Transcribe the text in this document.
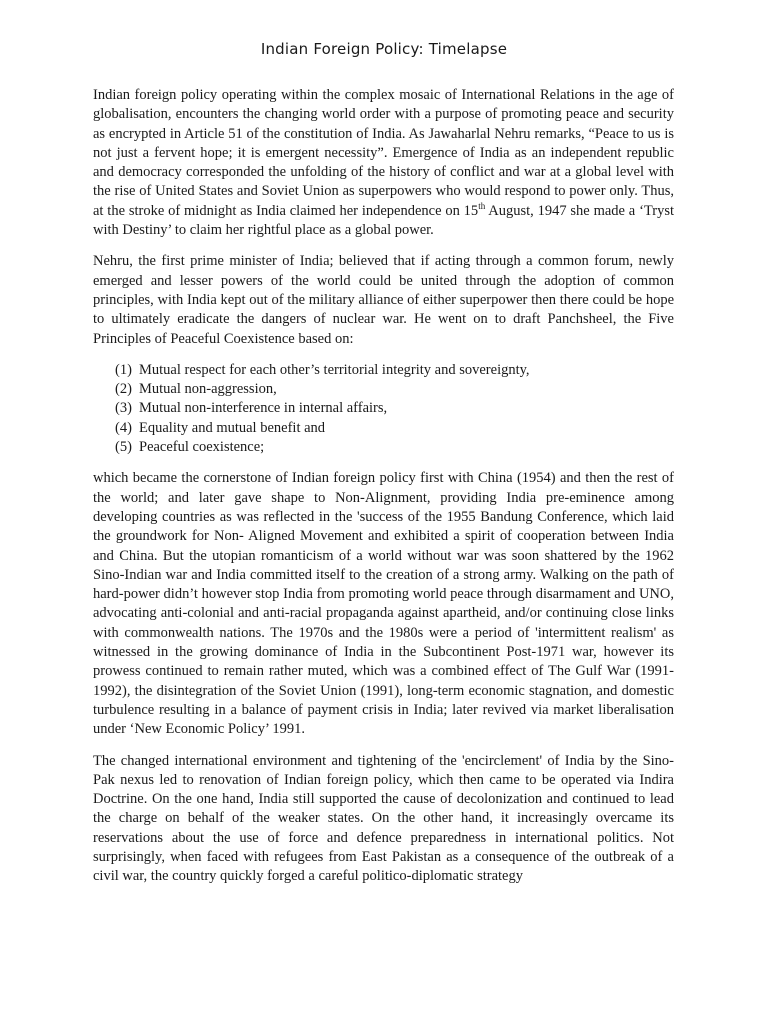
Indian Foreign Policy: Timelapse

Indian foreign policy operating within the complex mosaic of International Relations in the age of globalisation, encounters the changing world order with a purpose of promoting peace and security as encrypted in Article 51 of the constitution of India. As Jawaharlal Nehru remarks, “Peace to us is not just a fervent hope; it is emergent necessity”. Emergence of India as an independent republic and democracy corresponded the unfolding of the history of conflict and war at a global level with the rise of United States and Soviet Union as superpowers who would respond to power only. Thus, at the stroke of midnight as India claimed her independence on 15th August, 1947 she made a ‘Tryst with Destiny’ to claim her rightful place as a global power.

Nehru, the first prime minister of India; believed that if acting through a common forum, newly emerged and lesser powers of the world could be united through the adoption of common principles, with India kept out of the military alliance of either superpower then there could be hope to ultimately eradicate the dangers of nuclear war. He went on to draft Panchsheel, the Five Principles of Peaceful Coexistence based on:

(1) Mutual respect for each other’s territorial integrity and sovereignty,
(2) Mutual non-aggression,
(3) Mutual non-interference in internal affairs,
(4) Equality and mutual benefit and
(5) Peaceful coexistence;

which became the cornerstone of Indian foreign policy first with China (1954) and then the rest of the world; and later gave shape to Non-Alignment, providing India pre-eminence among developing countries as was reflected in the 'success of the 1955 Bandung Conference, which laid the groundwork for Non- Aligned Movement and exhibited a spirit of cooperation between India and China. But the utopian romanticism of a world without war was soon shattered by the 1962 Sino-Indian war and India committed itself to the creation of a strong army. Walking on the path of hard-power didn’t however stop India from promoting world peace through disarmament and UNO, advocating anti-colonial and anti-racial propaganda against apartheid, and/or continuing close links with commonwealth nations. The 1970s and the 1980s were a period of 'intermittent realism' as witnessed in the growing dominance of India in the Subcontinent Post-1971 war, however its prowess continued to remain rather muted, which was a combined effect of The Gulf War (1991-1992), the disintegration of the Soviet Union (1991), long-term economic stagnation, and domestic turbulence resulting in a balance of payment crisis in India; later revived via market liberalisation under ‘New Economic Policy’ 1991.

The changed international environment and tightening of the 'encirclement' of India by the Sino-Pak nexus led to renovation of Indian foreign policy, which then came to be operated via Indira Doctrine. On the one hand, India still supported the cause of decolonization and continued to lead the charge on behalf of the weaker states. On the other hand, it increasingly overcame its reservations about the use of force and defence preparedness in international politics. Not surprisingly, when faced with refugees from East Pakistan as a consequence of the outbreak of a civil war, the country quickly forged a careful politico-diplomatic strategy
